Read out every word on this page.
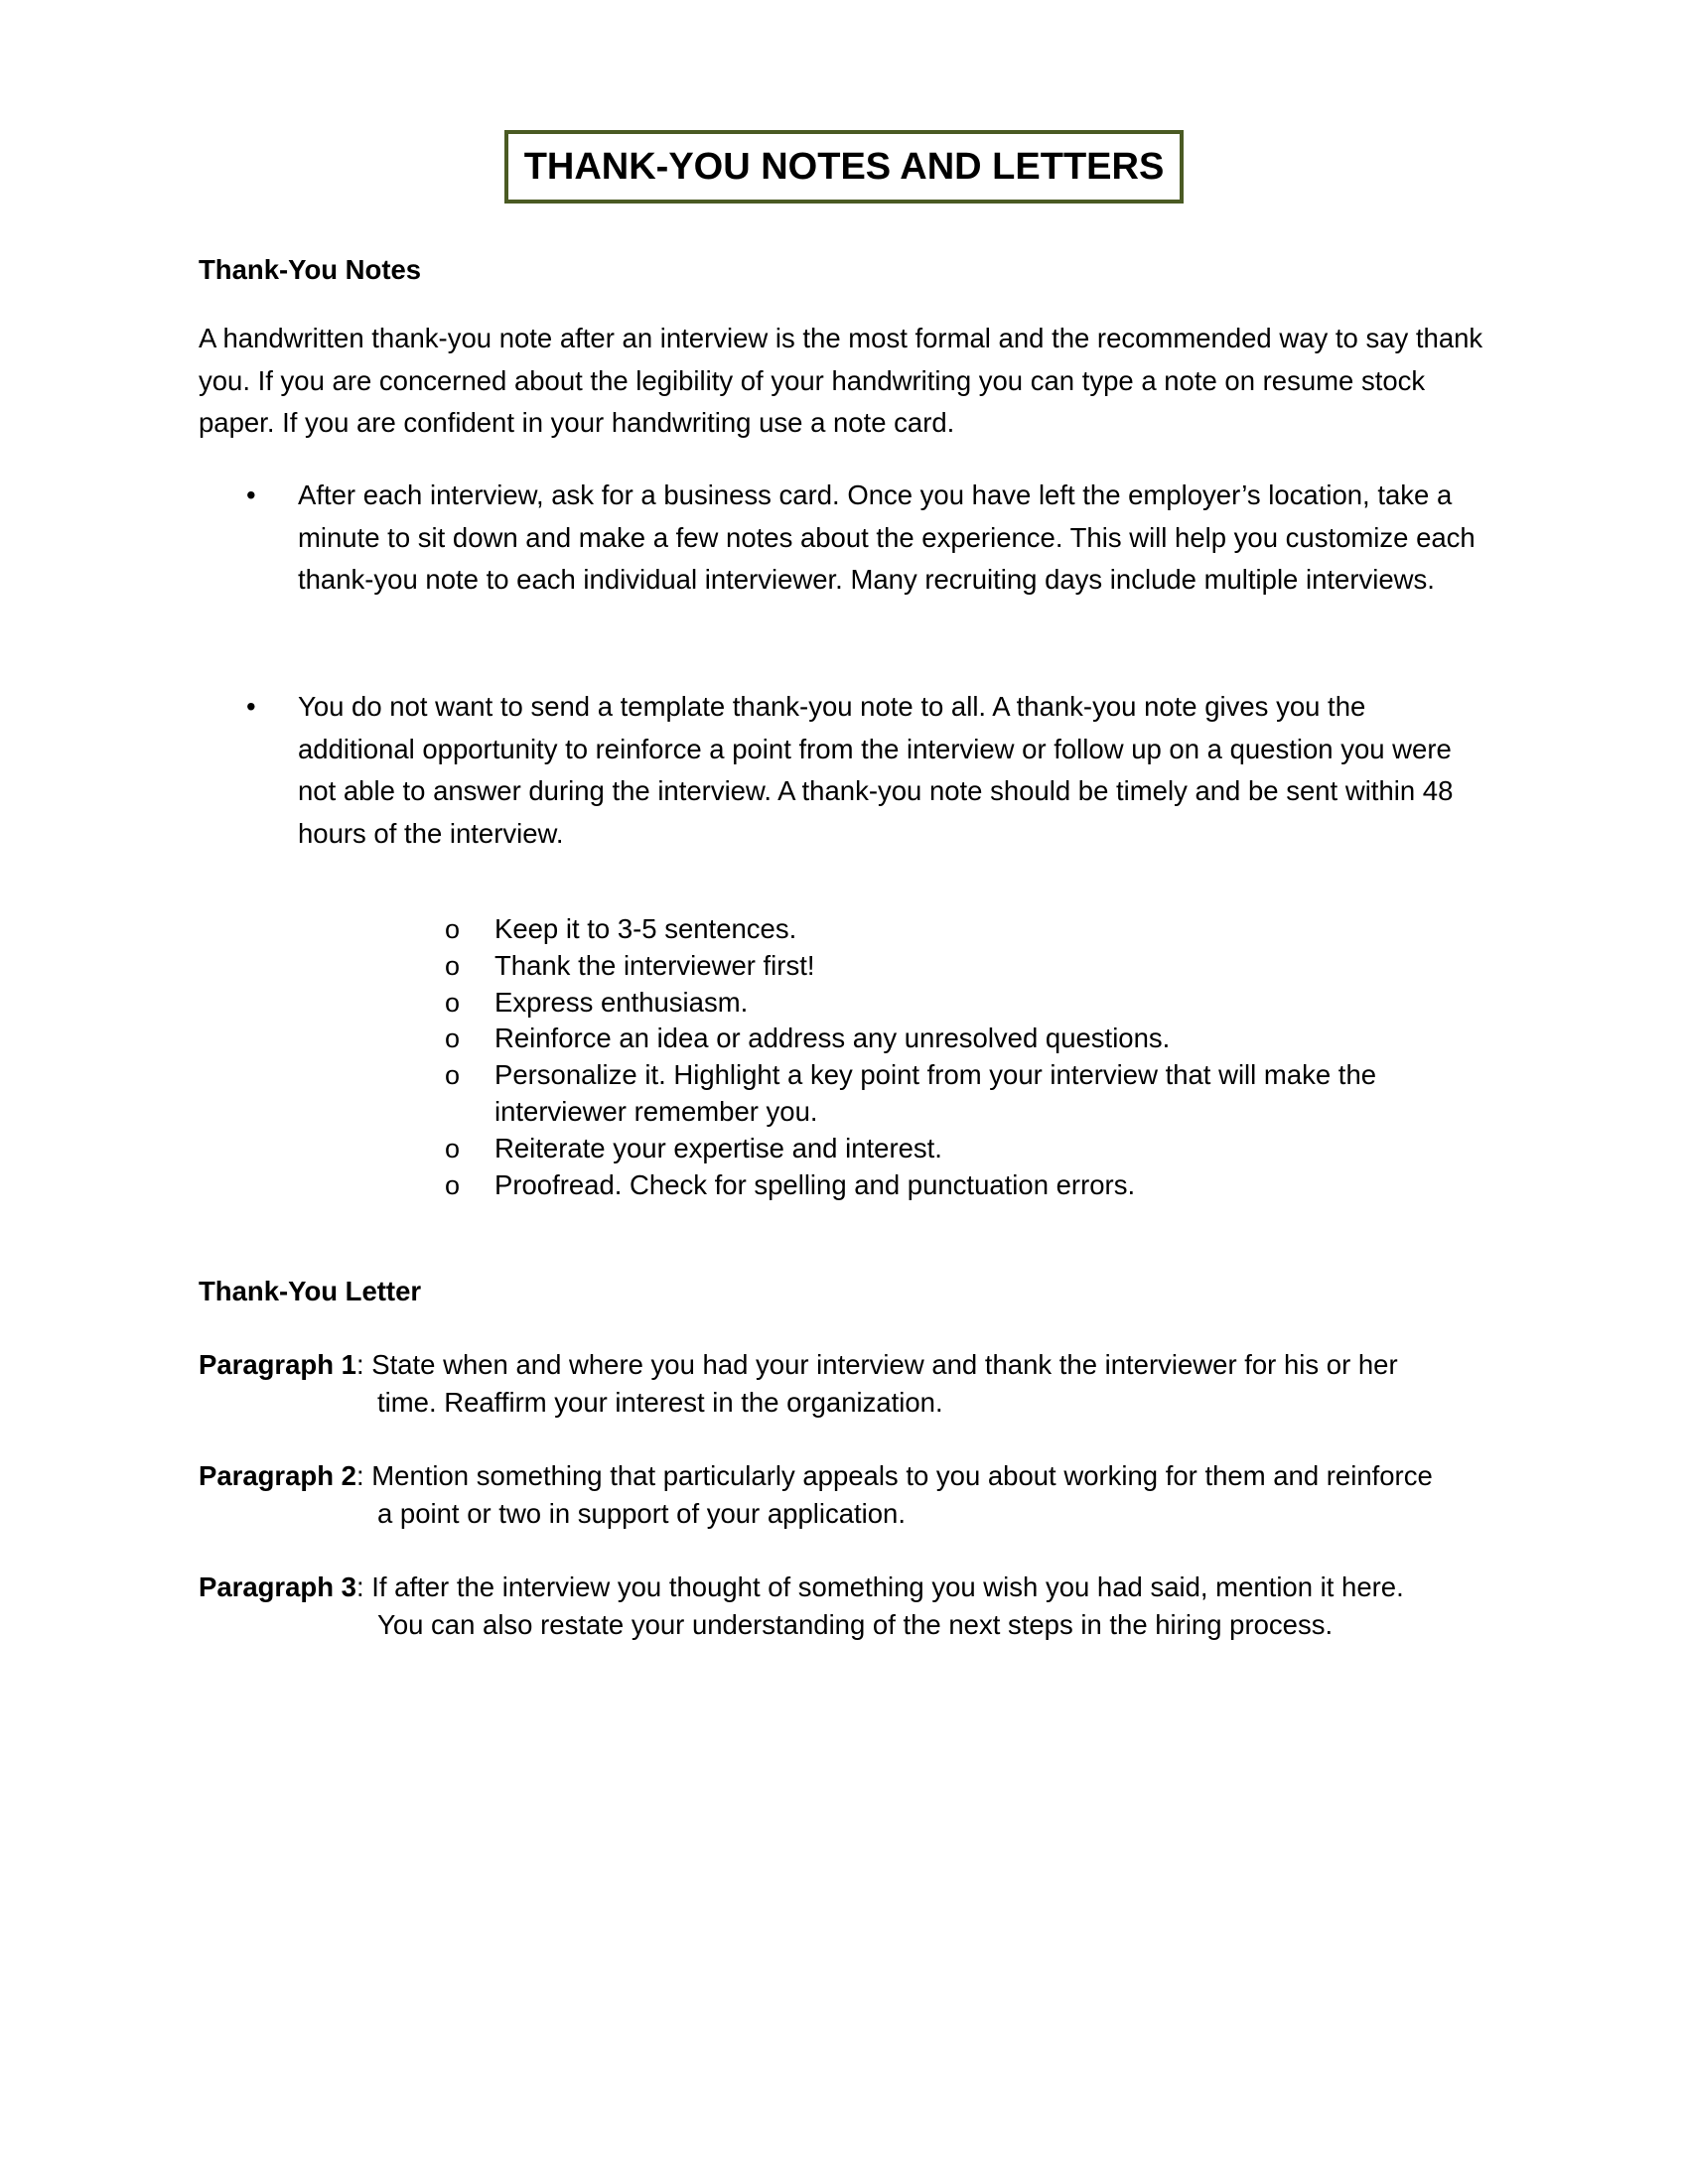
THANK-YOU NOTES AND LETTERS
Thank-You Notes

A handwritten thank-you note after an interview is the most formal and the recommended way to say thank you. If you are concerned about the legibility of your handwriting you can type a note on resume stock paper. If you are confident in your handwriting use a note card.

•	After each interview, ask for a business card. Once you have left the employer’s location, take a minute to sit down and make a few notes about the experience. This will help you customize each thank-you note to each individual interviewer. Many recruiting days include multiple interviews.
•	You do not want to send a template thank-you note to all. A thank-you note gives you the additional opportunity to reinforce a point from the interview or follow up on a question you were not able to answer during the interview. A thank-you note should be timely and be sent within 48 hours of the interview.
o	Keep it to 3-5 sentences.
o	Thank the interviewer first!
o	Express enthusiasm.
o	Reinforce an idea or address any unresolved questions.
o	Personalize it. Highlight a key point from your interview that will make the interviewer remember you.
o	Reiterate your expertise and interest.
o	Proofread. Check for spelling and punctuation errors.
Thank-You Letter
Paragraph 1: State when and where you had your interview and thank the interviewer for his or her
time. Reaffirm your interest in the organization.
Paragraph 2: Mention something that particularly appeals to you about working for them and reinforce
a point or two in support of your application.
Paragraph 3: If after the interview you thought of something you wish you had said, mention it here.
You can also restate your understanding of the next steps in the hiring process.
